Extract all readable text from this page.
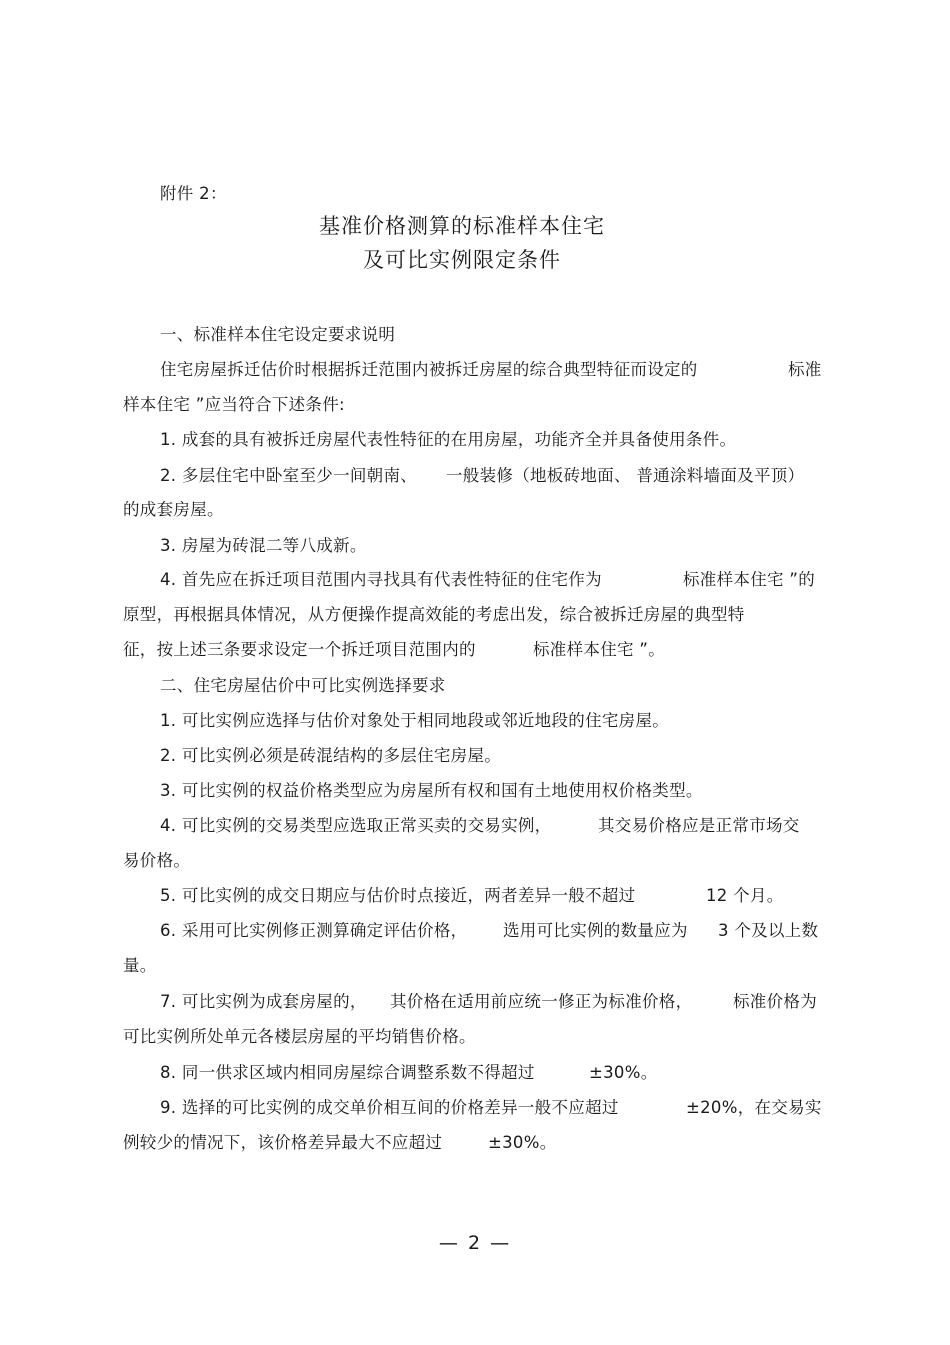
附件 2：
基准价格测算的标准样本住宅
及可比实例限定条件
一、标准样本住宅设定要求说明
住宅房屋拆迁估价时根据拆迁范围内被拆迁房屋的综合典型特征而设定的	标准
样本住宅 ”应当符合下述条件:
1. 成套的具有被拆迁房屋代表性特征的在用房屋，功能齐全并具备使用条件。
2. 多层住宅中卧室至少一间朝南、 一般装修（地板砖地面、 普通涂料墙面及平顶）
的成套房屋。
3. 房屋为砖混二等八成新。
4. 首先应在拆迁项目范围内寻找具有代表性特征的住宅作为	标准样本住宅 ”的
原型，再根据具体情况，从方便操作提高效能的考虑出发，综合被拆迁房屋的典型特
征，按上述三条要求设定一个拆迁项目范围内的	标准样本住宅 ”。
二、住宅房屋估价中可比实例选择要求
1. 可比实例应选择与估价对象处于相同地段或邻近地段的住宅房屋。
2. 可比实例必须是砖混结构的多层住宅房屋。
3. 可比实例的权益价格类型应为房屋所有权和国有土地使用权价格类型。
4. 可比实例的交易类型应选取正常买卖的交易实例，	其交易价格应是正常市场交
易价格。
5. 可比实例的成交日期应与估价时点接近，两者差异一般不超过	12 个月。
6. 采用可比实例修正测算确定评估价格， 选用可比实例的数量应为 3 个及以上数
量。
7. 可比实例为成套房屋的， 其价格在适用前应统一修正为标准价格， 标准价格为
可比实例所处单元各楼层房屋的平均销售价格。
8. 同一供求区域内相同房屋综合调整系数不得超过	±30%。
9. 选择的可比实例的成交单价相互间的价格差异一般不应超过	±20%，在交易实
例较少的情况下，该价格差异最大不应超过	±30%。
— 2 —
